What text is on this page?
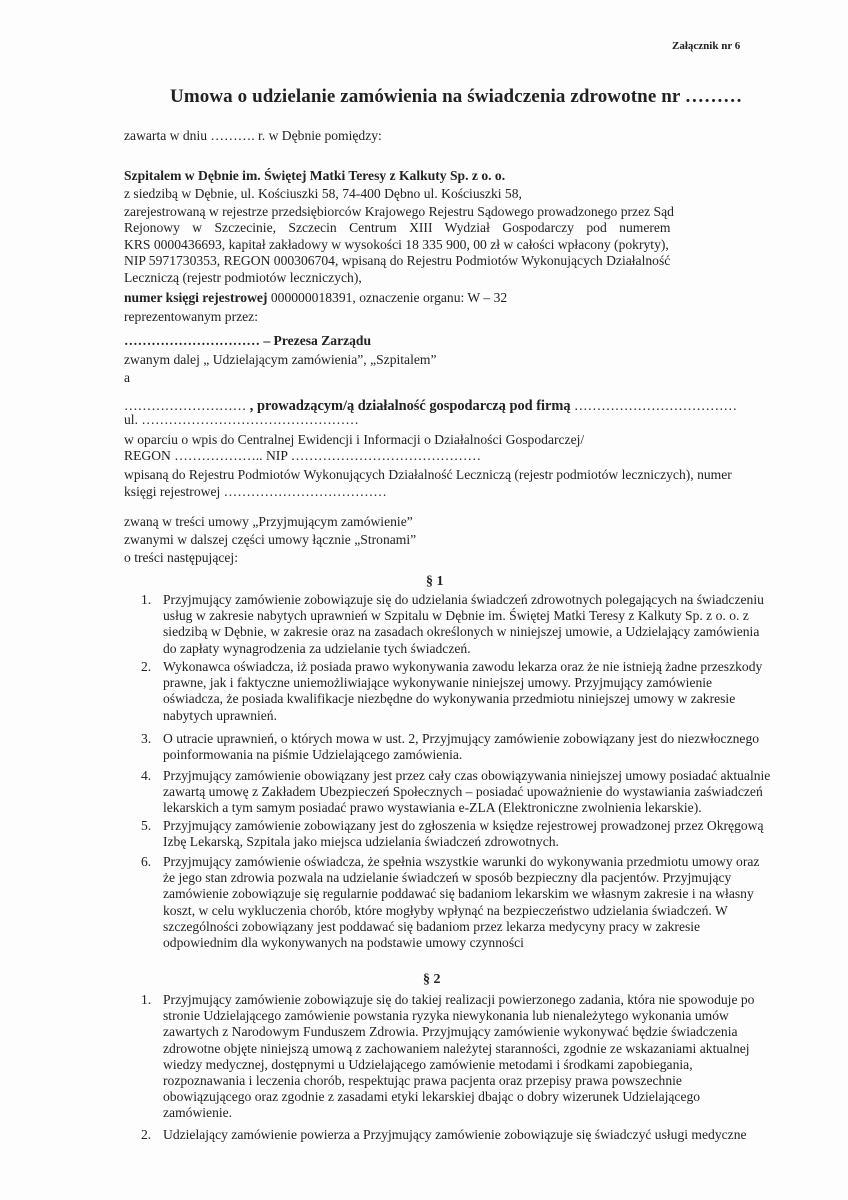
Załącznik nr 6
Umowa o udzielanie zamówienia na świadczenia zdrowotne nr ………
zawarta w dniu ………. r. w Dębnie pomiędzy:
Szpitalem w Dębnie im. Świętej Matki Teresy z Kalkuty Sp. z o. o.
z siedzibą w Dębnie, ul. Kościuszki 58, 74-400 Dębno ul. Kościuszki 58,
zarejestrowaną w rejestrze przedsiębiorców Krajowego Rejestru Sądowego prowadzonego przez Sąd
Rejonowy w Szczecinie, Szczecin Centrum XIII Wydział Gospodarczy pod numerem
KRS 0000436693, kapitał zakładowy w wysokości 18 335 900, 00 zł w całości wpłacony (pokryty),
NIP 5971730353, REGON 000306704, wpisaną do Rejestru Podmiotów Wykonujących Działalność
Leczniczą (rejestr podmiotów leczniczych),
numer księgi rejestrowej 000000018391, oznaczenie organu: W – 32
reprezentowanym przez:
………………………… – Prezesa Zarządu
zwanym dalej „ Udzielającym zamówienia”, „Szpitalem”
a
……………………… , prowadzącym/ą działalność gospodarczą pod firmą ………………………………
ul. …………………………………………
w oparciu o wpis do Centralnej Ewidencji i Informacji o Działalności Gospodarczej/
REGON ……………….. NIP ……………………………………
wpisaną do Rejestru Podmiotów Wykonujących Działalność Leczniczą (rejestr podmiotów leczniczych), numer
księgi rejestrowej ………………………………
zwaną w treści umowy „Przyjmującym zamówienie”
zwanymi w dalszej części umowy łącznie „Stronami”
o treści następującej:
§ 1
1. Przyjmujący zamówienie zobowiązuje się do udzielania świadczeń zdrowotnych polegających na świadczeniu
usług w zakresie nabytych uprawnień w Szpitalu w Dębnie im. Świętej Matki Teresy z Kalkuty Sp. z o. o. z
siedzibą w Dębnie, w zakresie oraz na zasadach określonych w niniejszej umowie, a Udzielający zamówienia
do zapłaty wynagrodzenia za udzielanie tych świadczeń.
2. Wykonawca oświadcza, iż posiada prawo wykonywania zawodu lekarza oraz że nie istnieją żadne przeszkody
prawne, jak i faktyczne uniemożliwiające wykonywanie niniejszej umowy. Przyjmujący zamówienie
oświadcza, że posiada kwalifikacje niezbędne do wykonywania przedmiotu niniejszej umowy w zakresie
nabytych uprawnień.
3. O utracie uprawnień, o których mowa w ust. 2, Przyjmujący zamówienie zobowiązany jest do niezwłocznego
poinformowania na piśmie Udzielającego zamówienia.
4. Przyjmujący zamówienie obowiązany jest przez cały czas obowiązywania niniejszej umowy posiadać aktualnie
zawartą umowę z Zakładem Ubezpieczeń Społecznych – posiadać upoważnienie do wystawiania zaświadczeń
lekarskich a tym samym posiadać prawo wystawiania e-ZLA (Elektroniczne zwolnienia lekarskie).
5. Przyjmujący zamówienie zobowiązany jest do zgłoszenia w księdze rejestrowej prowadzonej przez Okręgową
Izbę Lekarską, Szpitala jako miejsca udzielania świadczeń zdrowotnych.
6. Przyjmujący zamówienie oświadcza, że spełnia wszystkie warunki do wykonywania przedmiotu umowy oraz
że jego stan zdrowia pozwala na udzielanie świadczeń w sposób bezpieczny dla pacjentów. Przyjmujący
zamówienie zobowiązuje się regularnie poddawać się badaniom lekarskim we własnym zakresie i na własny
koszt, w celu wykluczenia chorób, które mogłyby wpłynąć na bezpieczeństwo udzielania świadczeń. W
szczególności zobowiązany jest poddawać się badaniom przez lekarza medycyny pracy w zakresie
odpowiednim dla wykonywanych na podstawie umowy czynności
§ 2
1. Przyjmujący zamówienie zobowiązuje się do takiej realizacji powierzonego zadania, która nie spowoduje po
stronie Udzielającego zamówienie powstania ryzyka niewykonania lub nienależytego wykonania umów
zawartych z Narodowym Funduszem Zdrowia. Przyjmujący zamówienie wykonywać będzie świadczenia
zdrowotne objęte niniejszą umową z zachowaniem należytej staranności, zgodnie ze wskazaniami aktualnej
wiedzy medycznej, dostępnymi u Udzielającego zamówienie metodami i środkami zapobiegania,
rozpoznawania i leczenia chorób, respektując prawa pacjenta oraz przepisy prawa powszechnie
obowiązującego oraz zgodnie z zasadami etyki lekarskiej dbając o dobry wizerunek Udzielającego
zamówienie.
2. Udzielający zamówienie powierza a Przyjmujący zamówienie zobowiązuje się świadczyć usługi medyczne
